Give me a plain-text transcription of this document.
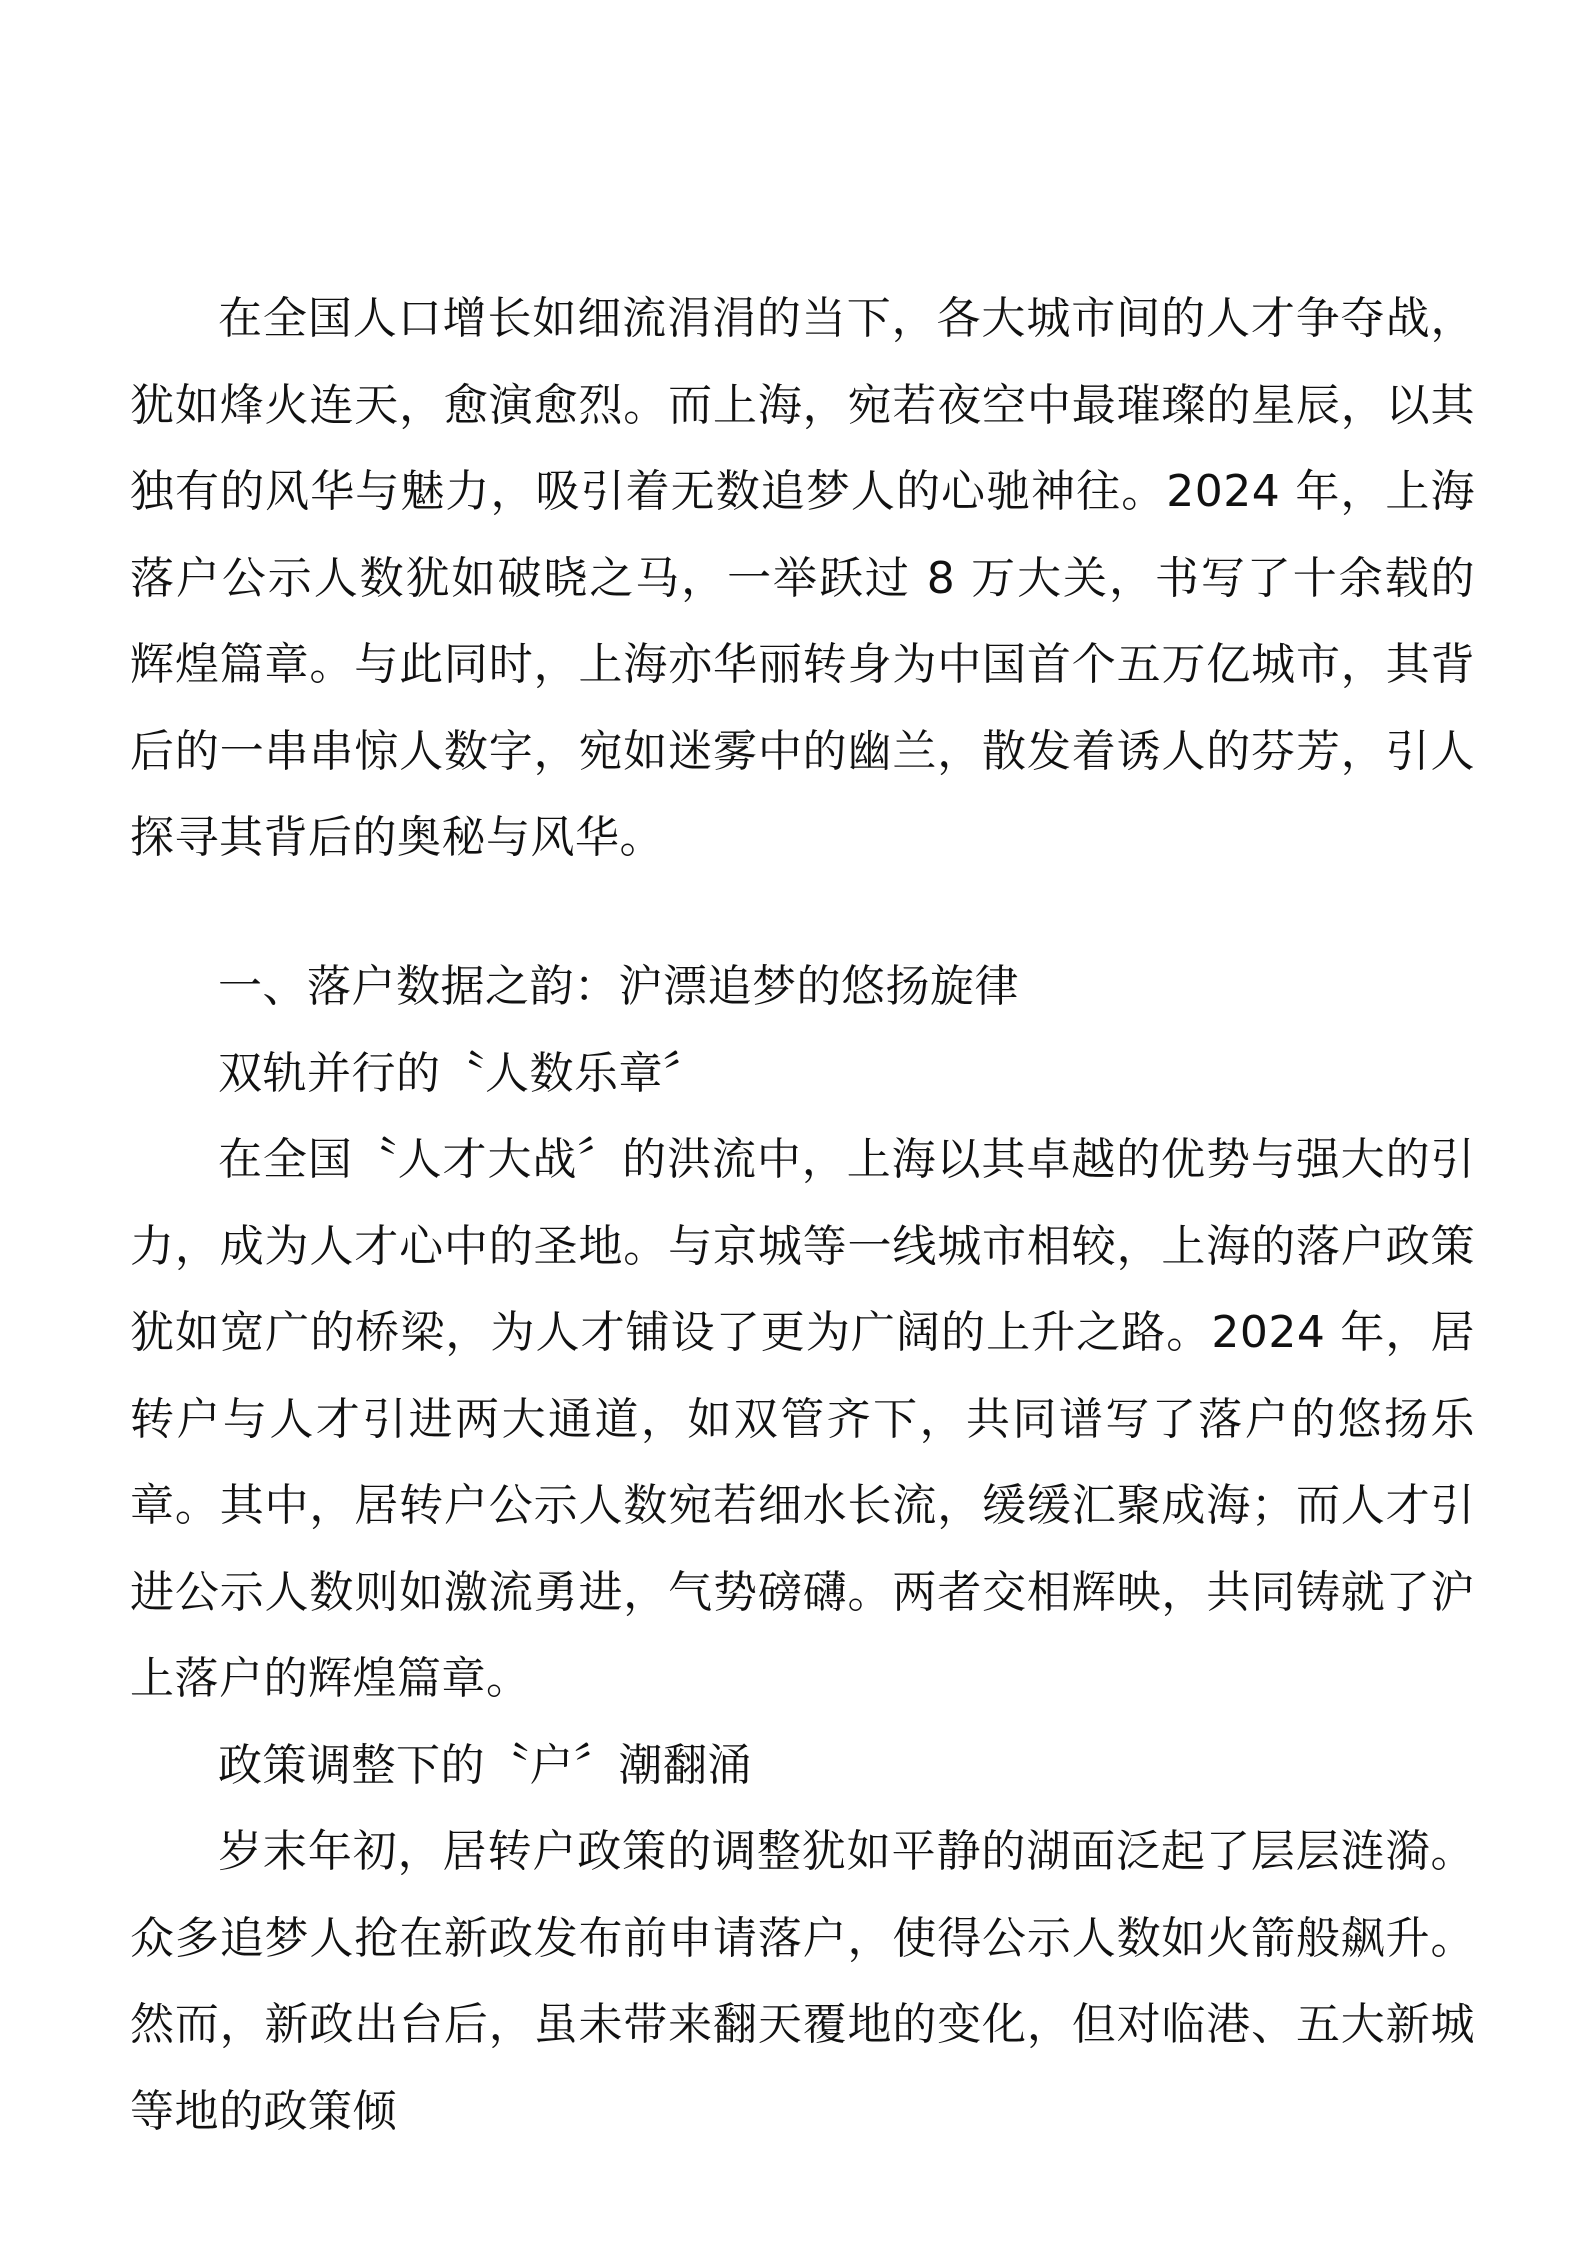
在全国人口增长如细流涓涓的当下，各大城市间的人才争夺战，犹如烽火连天，愈演愈烈。而上海，宛若夜空中最璀璨的星辰，以其独有的风华与魅力，吸引着无数追梦人的心驰神往。2024 年，上海落户公示人数犹如破晓之马，一举跃过 8 万大关，书写了十余载的辉煌篇章。与此同时，上海亦华丽转身为中国首个五万亿城市，其背后的一串串惊人数字，宛如迷雾中的幽兰，散发着诱人的芬芳，引人探寻其背后的奥秘与风华。

一、落户数据之韵：沪漂追梦的悠扬旋律

双轨并行的〝人数乐章〞

在全国〝人才大战〞的洪流中，上海以其卓越的优势与强大的引力，成为人才心中的圣地。与京城等一线城市相较，上海的落户政策犹如宽广的桥梁，为人才铺设了更为广阔的上升之路。2024 年，居转户与人才引进两大通道，如双管齐下，共同谱写了落户的悠扬乐章。其中，居转户公示人数宛若细水长流，缓缓汇聚成海；而人才引进公示人数则如激流勇进，气势磅礴。两者交相辉映，共同铸就了沪上落户的辉煌篇章。

政策调整下的〝户〞潮翻涌

岁末年初，居转户政策的调整犹如平静的湖面泛起了层层涟漪。众多追梦人抢在新政发布前申请落户，使得公示人数如火箭般飙升。然而，新政出台后，虽未带来翻天覆地的变化，但对临港、五大新城等地的政策倾
